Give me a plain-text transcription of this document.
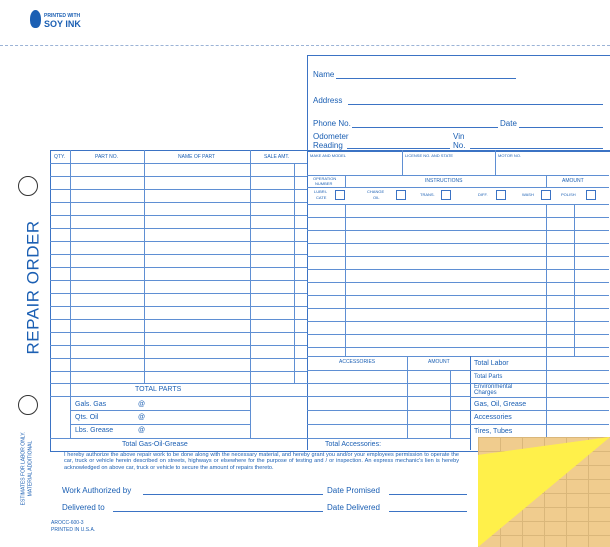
PRINTED WITH
SOY INK
REPAIR ORDER
ESTIMATES FOR LABOR ONLY. MATERIAL ADDITIONAL
Name
Address
Phone No.	Date
Odometer
Reading
Vin
No.
QTY.	PART NO.	NAME OF PART	SALE AMT.
TOTAL PARTS
Gals. Gas	@
Qts. Oil	@
Lbs. Grease	@
Total Gas-Oil-Grease
MAKE AND MODEL	LICENSE NO. AND STATE	MOTOR NO.
OPERATION
NUMBER	INSTRUCTIONS	AMOUNT
LUBRI-
CATE
CHANGE
OIL
TRANS.	DIFF.	WASH	POLISH
ACCESSORIES	AMOUNT
Total Accessories:
Total Labor
Total Parts
Environmental
Charges
Gas, Oil, Grease
Accessories
Tires, Tubes
I hereby authorize the above repair work to be done along with the necessary material, and hereby grant you and/or your employees permission to operate the car, truck or vehicle herein described on streets, highways or elsewhere for the purpose of testing and / or inspection. An express mechanic's lien is hereby acknowledged on above car, truck or vehicle to secure the amount of repairs thereto.
Work Authorized by	Date Promised
Delivered to	Date Delivered
AROCC-600-3
PRINTED IN U.S.A.
